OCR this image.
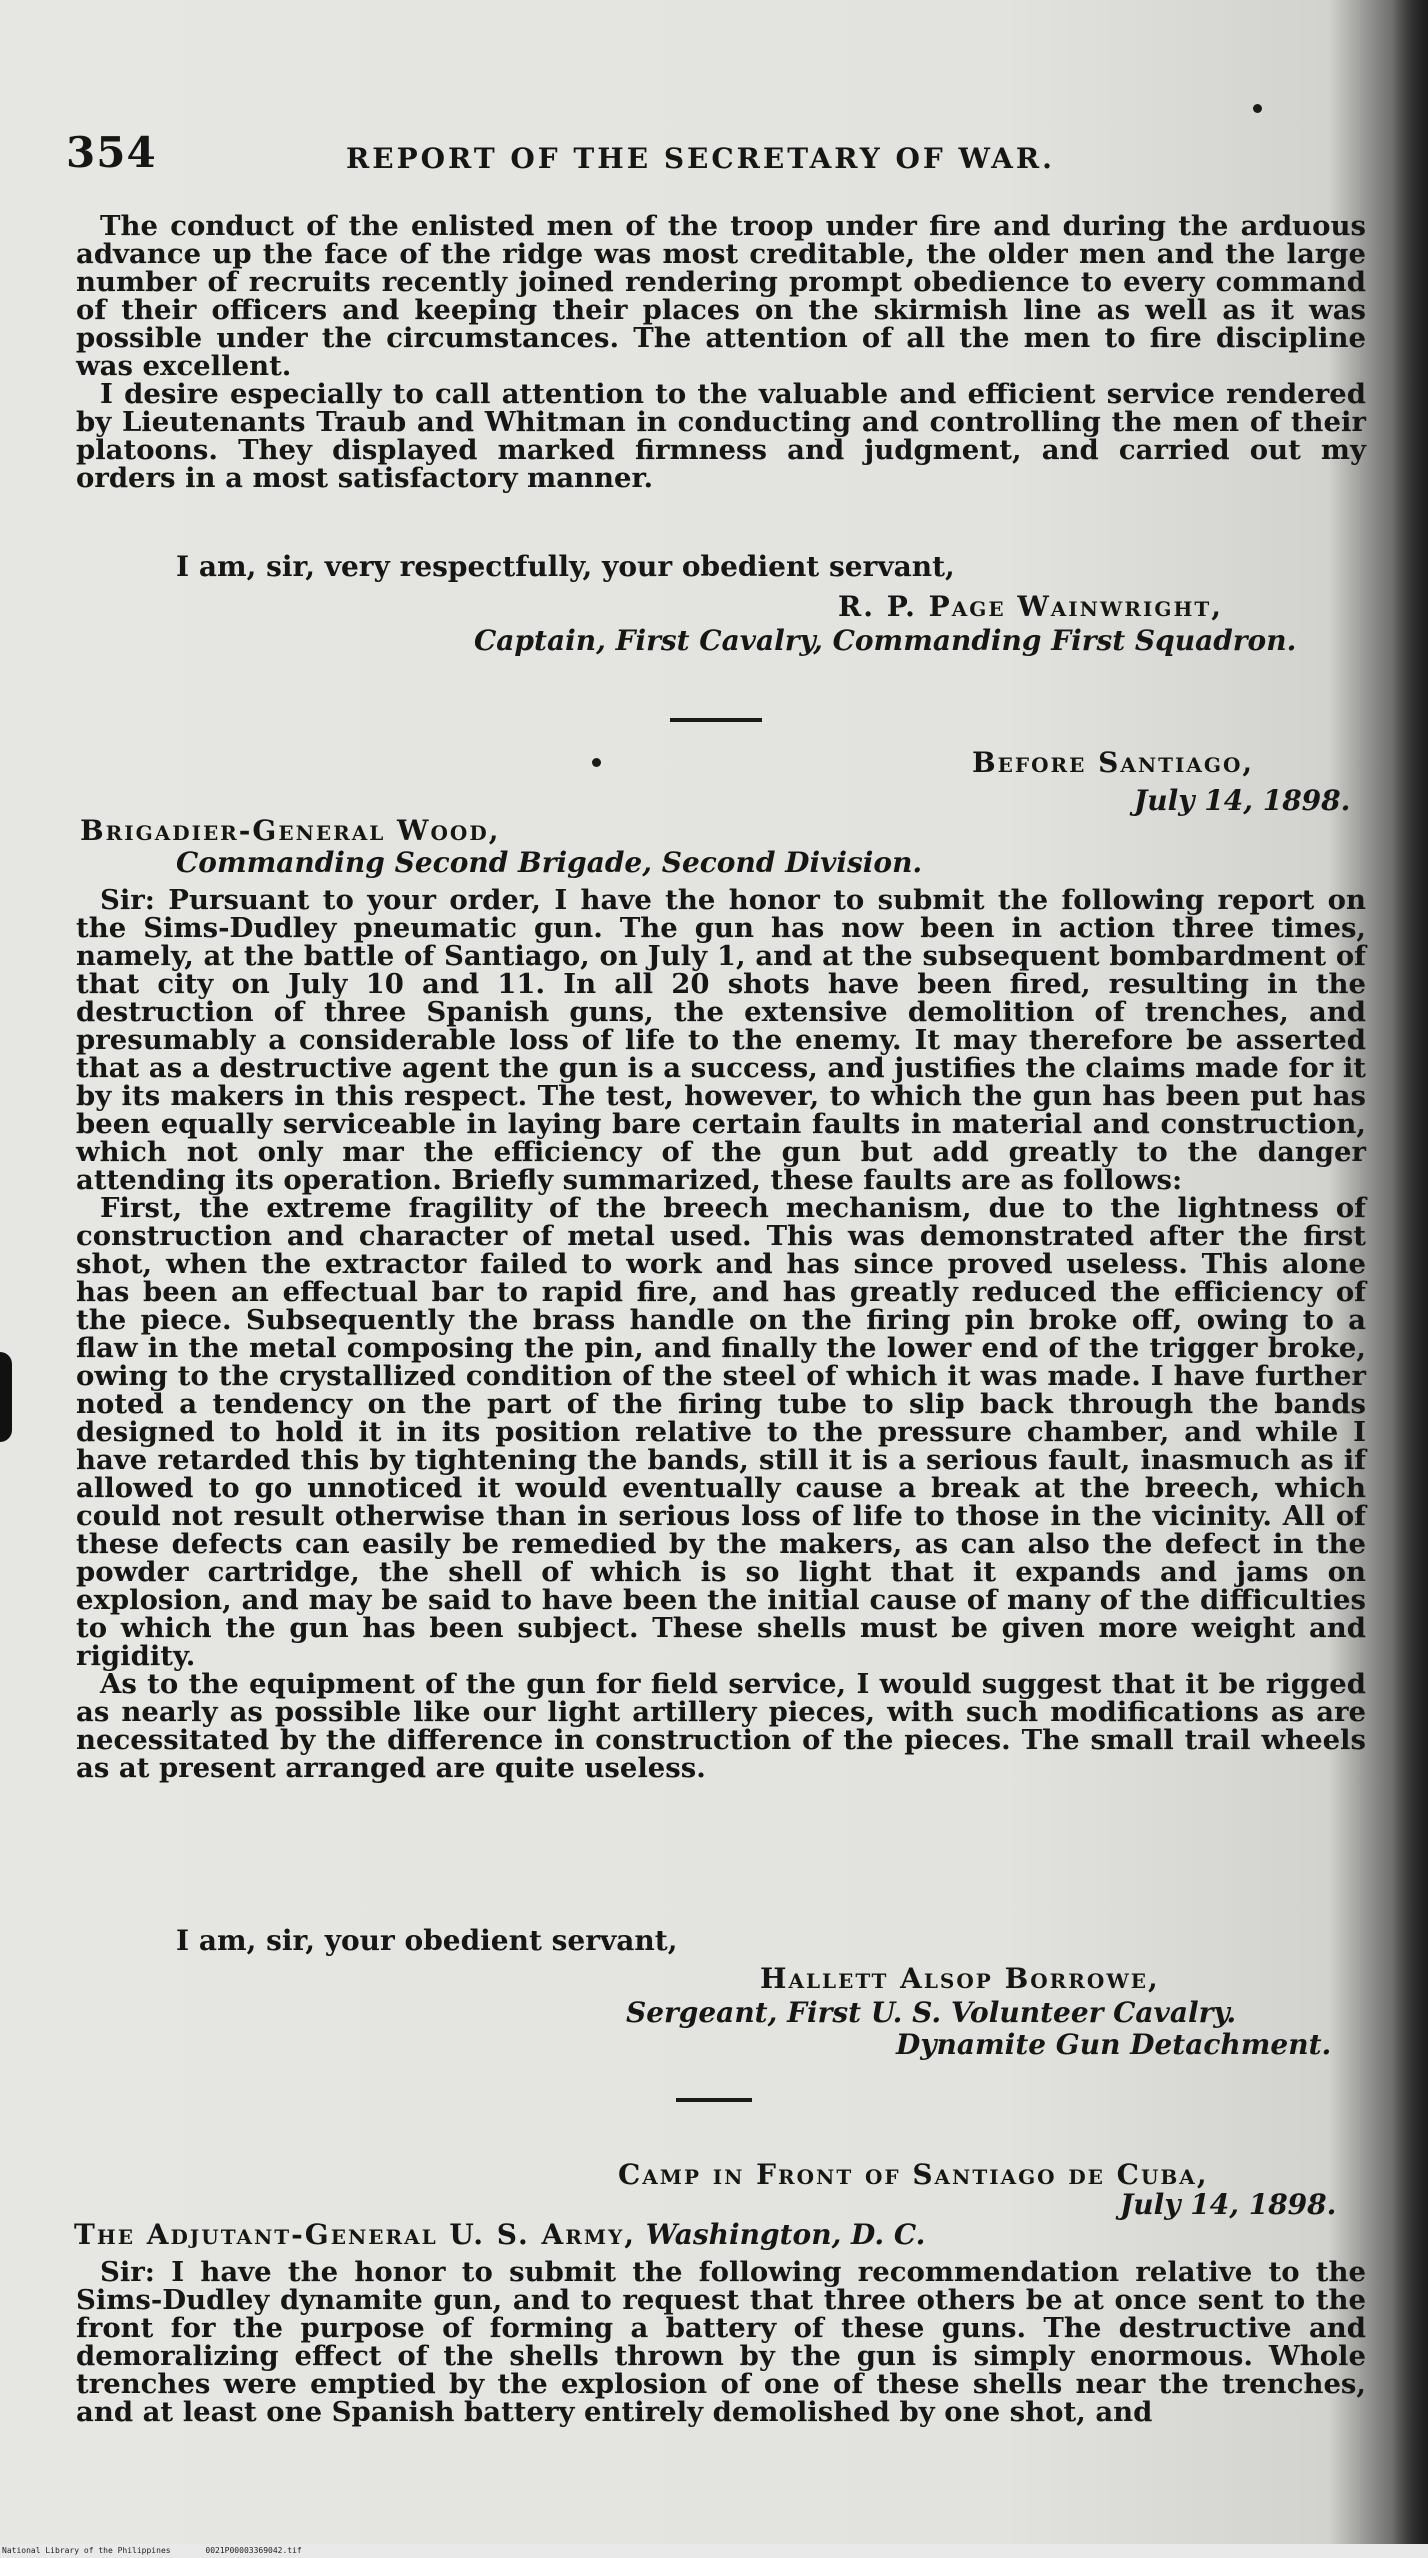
354	REPORT OF THE SECRETARY OF WAR.

The conduct of the enlisted men of the troop under fire and during the arduous advance up the face of the ridge was most creditable, the older men and the large number of recruits recently joined rendering prompt obedience to every command of their officers and keeping their places on the skirmish line as well as it was possible under the circumstances. The attention of all the men to fire discipline was excellent.

I desire especially to call attention to the valuable and efficient service rendered by Lieutenants Traub and Whitman in conducting and controlling the men of their platoons. They displayed marked firmness and judgment, and carried out my orders in a most satisfactory manner.

I am, sir, very respectfully, your obedient servant,
R. P. Page Wainwright,
Captain, First Cavalry, Commanding First Squadron.
Before Santiago,
July 14, 1898.
Brigadier-General Wood,
Commanding Second Brigade, Second Division.

Sir: Pursuant to your order, I have the honor to submit the following report on the Sims-Dudley pneumatic gun. The gun has now been in action three times, namely, at the battle of Santiago, on July 1, and at the subsequent bombardment of that city on July 10 and 11. In all 20 shots have been fired, resulting in the destruction of three Spanish guns, the extensive demolition of trenches, and presumably a considerable loss of life to the enemy. It may therefore be asserted that as a destructive agent the gun is a success, and justifies the claims made for it by its makers in this respect. The test, however, to which the gun has been put has been equally serviceable in laying bare certain faults in material and construction, which not only mar the efficiency of the gun but add greatly to the danger attending its operation. Briefly summarized, these faults are as follows:

First, the extreme fragility of the breech mechanism, due to the lightness of construction and character of metal used. This was demonstrated after the first shot, when the extractor failed to work and has since proved useless. This alone has been an effectual bar to rapid fire, and has greatly reduced the efficiency of the piece. Subsequently the brass handle on the firing pin broke off, owing to a flaw in the metal composing the pin, and finally the lower end of the trigger broke, owing to the crystallized condition of the steel of which it was made. I have further noted a tendency on the part of the firing tube to slip back through the bands designed to hold it in its position relative to the pressure chamber, and while I have retarded this by tightening the bands, still it is a serious fault, inasmuch as if allowed to go unnoticed it would eventually cause a break at the breech, which could not result otherwise than in serious loss of life to those in the vicinity. All of these defects can easily be remedied by the makers, as can also the defect in the powder cartridge, the shell of which is so light that it expands and jams on explosion, and may be said to have been the initial cause of many of the difficulties to which the gun has been subject. These shells must be given more weight and rigidity.

As to the equipment of the gun for field service, I would suggest that it be rigged as nearly as possible like our light artillery pieces, with such modifications as are necessitated by the difference in construction of the pieces. The small trail wheels as at present arranged are quite useless.

I am, sir, your obedient servant,
Hallett Alsop Borrowe,
Sergeant, First U. S. Volunteer Cavalry.
Dynamite Gun Detachment.
Camp in Front of Santiago de Cuba,
July 14, 1898.
The Adjutant-General U. S. Army, Washington, D. C.

Sir: I have the honor to submit the following recommendation relative to the Sims-Dudley dynamite gun, and to request that three others be at once sent to the front for the purpose of forming a battery of these guns. The destructive and demoralizing effect of the shells thrown by the gun is simply enormous. Whole trenches were emptied by the explosion of one of these shells near the trenches, and at least one Spanish battery entirely demolished by one shot, and

National Library of the Philippines	0021P00003369042.tif
